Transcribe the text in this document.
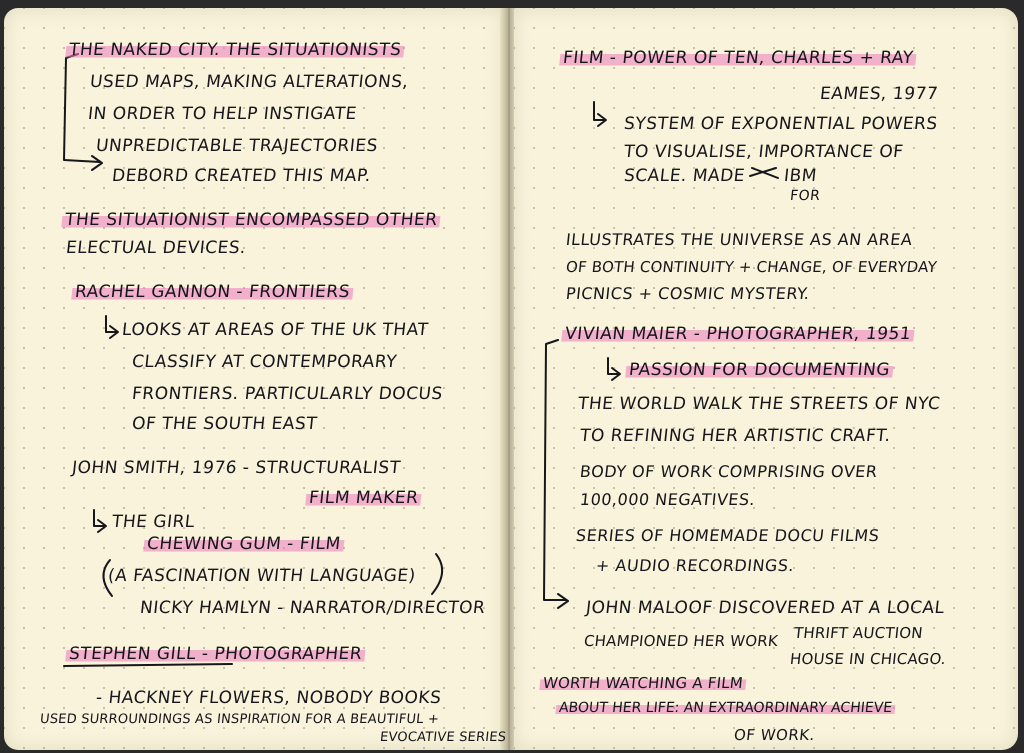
THE NAKED CITY. THE SITUATIONISTS
USED MAPS, MAKING ALTERATIONS,
IN ORDER TO HELP INSTIGATE
UNPREDICTABLE TRAJECTORIES
DEBORD CREATED THIS MAP.
THE SITUATIONIST ENCOMPASSED OTHER
ELECTUAL DEVICES.
RACHEL GANNON - FRONTIERS
LOOKS AT AREAS OF THE UK THAT
CLASSIFY AT CONTEMPORARY
FRONTIERS. PARTICULARLY DOCUS
OF THE SOUTH EAST
JOHN SMITH, 1976 - STRUCTURALIST
FILM MAKER
THE GIRL
CHEWING GUM - FILM
(A FASCINATION WITH LANGUAGE)
NICKY HAMLYN - NARRATOR/DIRECTOR
STEPHEN GILL - PHOTOGRAPHER
- HACKNEY FLOWERS, NOBODY BOOKS
USED SURROUNDINGS AS INSPIRATION FOR A BEAUTIFUL +
EVOCATIVE SERIES
FILM - POWER OF TEN, CHARLES + RAY
EAMES, 1977
SYSTEM OF EXPONENTIAL POWERS
TO VISUALISE, IMPORTANCE OF
SCALE. MADE IBM
FOR
ILLUSTRATES THE UNIVERSE AS AN AREA
OF BOTH CONTINUITY + CHANGE, OF EVERYDAY
PICNICS + COSMIC MYSTERY.
VIVIAN MAIER - PHOTOGRAPHER, 1951
PASSION FOR DOCUMENTING
THE WORLD WALK THE STREETS OF NYC
TO REFINING HER ARTISTIC CRAFT.
BODY OF WORK COMPRISING OVER
100,000 NEGATIVES.
SERIES OF HOMEMADE DOCU FILMS
+ AUDIO RECORDINGS.
JOHN MALOOF DISCOVERED AT A LOCAL
THRIFT AUCTION
CHAMPIONED HER WORK
HOUSE IN CHICAGO.
WORTH WATCHING A FILM
ABOUT HER LIFE: AN EXTRAORDINARY ACHIEVE
OF WORK.
